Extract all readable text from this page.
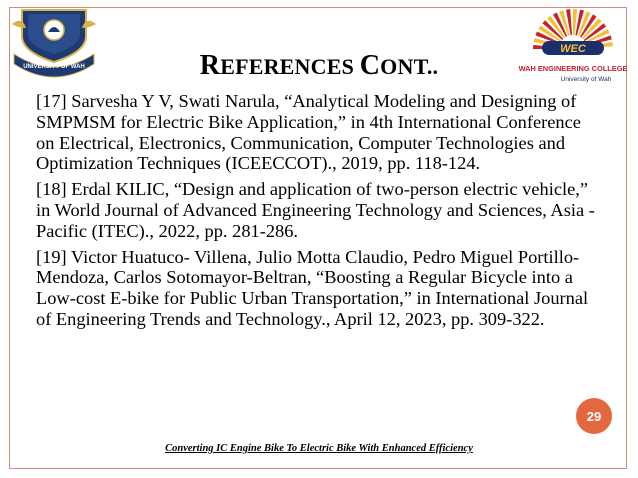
UNIVERSITY OF WAH
WEC
WAH ENGINEERING COLLEGE
University of Wah
REFERENCES CONT..

[17] Sarvesha Y V, Swati Narula, “Analytical Modeling and Designing of SMPMSM for Electric Bike Application,” in 4th International Conference on Electrical, Electronics, Communication, Computer Technologies and Optimization Techniques (ICEECCOT)., 2019, pp. 118-124.

[18] Erdal KILIC, “Design and application of two-person electric vehicle,” in World Journal of Advanced Engineering Technology and Sciences, Asia - Pacific (ITEC)., 2022, pp. 281-286.

[19] Victor Huatuco- Villena, Julio Motta Claudio, Pedro Miguel Portillo-Mendoza, Carlos Sotomayor-Beltran, “Boosting a Regular Bicycle into a Low-cost E-bike for Public Urban Transportation,” in International Journal of Engineering Trends and Technology., April 12, 2023, pp. 309-322.

29
Converting IC Engine Bike To Electric Bike With Enhanced Efficiency
